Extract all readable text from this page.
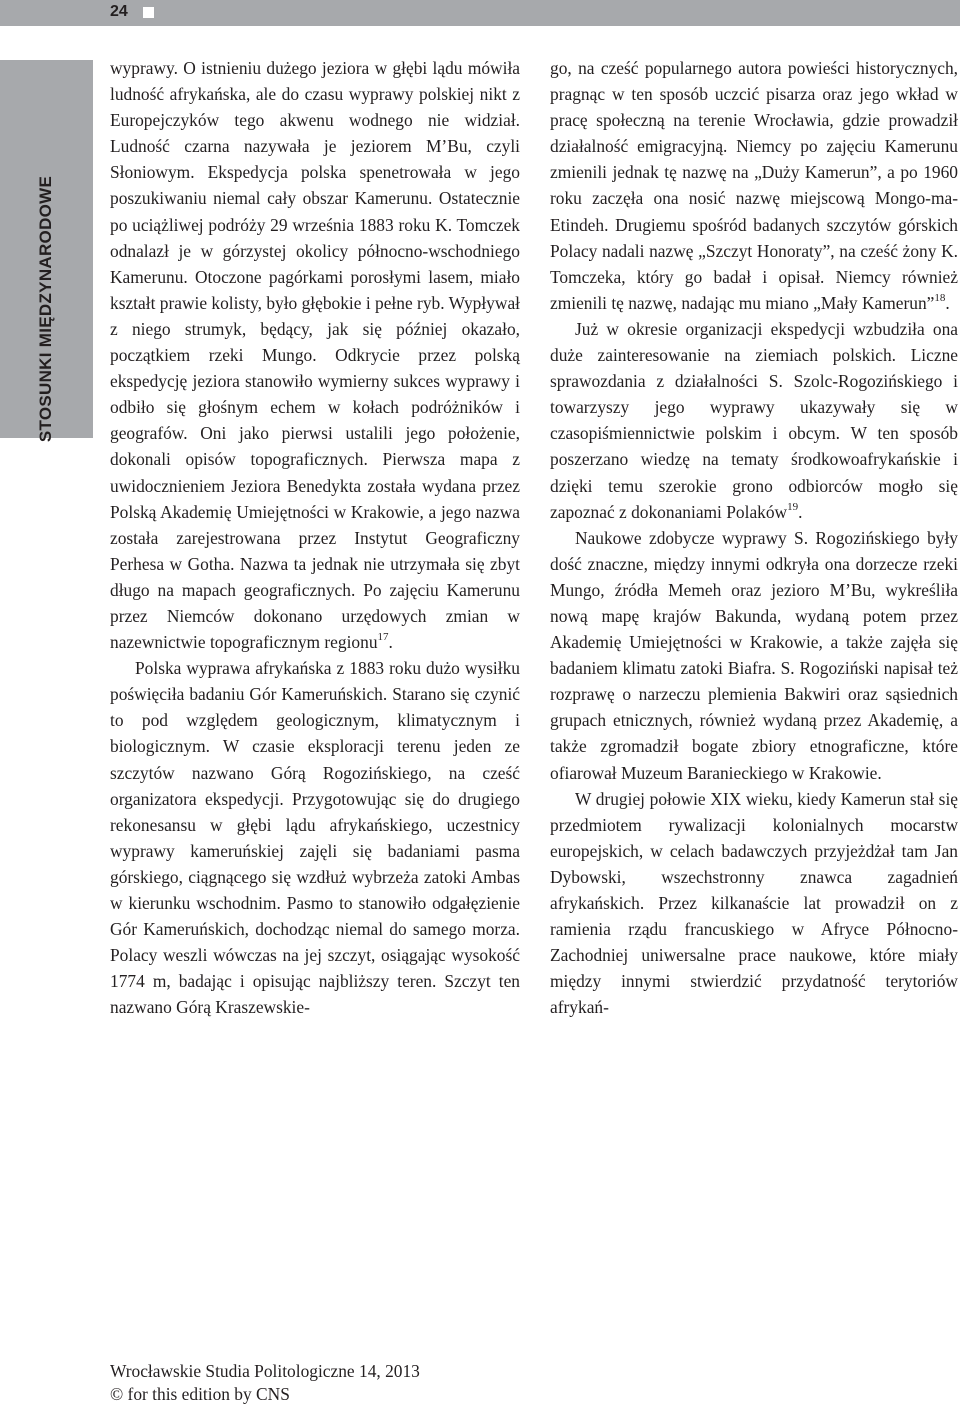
24
STOSUNKI MIĘDZYNARODOWE

wyprawy. O istnieniu dużego jeziora w głębi lądu mówiła ludność afrykańska, ale do czasu wyprawy polskiej nikt z Europejczyków tego akwenu wodnego nie widział. Ludność czarna nazywała je jeziorem M’Bu, czyli Słoniowym. Ekspedycja polska spenetrowała w jego poszukiwaniu niemal cały obszar Kamerunu. Ostatecznie po uciążliwej podróży 29 września 1883 roku K. Tomczek odnalazł je w górzystej okolicy północno-wschodniego Kamerunu. Otoczone pagórkami porosłymi lasem, miało kształt prawie kolisty, było głębokie i pełne ryb. Wypływał z niego strumyk, będący, jak się później okazało, początkiem rzeki Mungo. Odkrycie przez polską ekspedycję jeziora stanowiło wymierny sukces wyprawy i odbiło się głośnym echem w kołach podróżników i geografów. Oni jako pierwsi ustalili jego położenie, dokonali opisów topograficznych. Pierwsza mapa z uwidocznieniem Jeziora Benedykta została wydana przez Polską Akademię Umiejętności w Krakowie, a jego nazwa została zarejestrowana przez Instytut Geograficzny Perhesa w Gotha. Nazwa ta jednak nie utrzymała się zbyt długo na mapach geograficznych. Po zajęciu Kamerunu przez Niemców dokonano urzędowych zmian w nazewnictwie topograficznym regionu$^{17}$.

Polska wyprawa afrykańska z 1883 roku dużo wysiłku poświęciła badaniu Gór Kameruńskich. Starano się czynić to pod względem geologicznym, klimatycznym i biologicznym. W czasie eksploracji terenu jeden ze szczytów nazwano Górą Rogozińskiego, na cześć organizatora ekspedycji. Przygotowując się do drugiego rekonesansu w głębi lądu afrykańskiego, uczestnicy wyprawy kameruńskiej zajęli się badaniami pasma górskiego, ciągnącego się wzdłuż wybrzeża zatoki Ambas w kierunku wschodnim. Pasmo to stanowiło odgałęzienie Gór Kameruńskich, dochodząc niemal do samego morza. Polacy weszli wówczas na jej szczyt, osiągając wysokość 1774 m, badając i opisując najbliższy teren. Szczyt ten nazwano Górą Kraszewskie-

go, na cześć popularnego autora powieści historycznych, pragnąc w ten sposób uczcić pisarza oraz jego wkład w pracę społeczną na terenie Wrocławia, gdzie prowadził działalność emigracyjną. Niemcy po zajęciu Kamerunu zmienili jednak tę nazwę na „Duży Kamerun”, a po 1960 roku zaczęła ona nosić nazwę miejscową Mongo-ma-Etindeh. Drugiemu spośród badanych szczytów górskich Polacy nadali nazwę „Szczyt Honoraty”, na cześć żony K. Tomczeka, który go badał i opisał. Niemcy również zmienili tę nazwę, nadając mu miano „Mały Kamerun”$^{18}$.

Już w okresie organizacji ekspedycji wzbudziła ona duże zainteresowanie na ziemiach polskich. Liczne sprawozdania z działalności S. Szolc-Rogozińskiego i towarzyszy jego wyprawy ukazywały się w czasopiśmiennictwie polskim i obcym. W ten sposób poszerzano wiedzę na tematy środkowoafrykańskie i dzięki temu szerokie grono odbiorców mogło się zapoznać z dokonaniami Polaków$^{19}$.

Naukowe zdobycze wyprawy S. Rogozińskiego były dość znaczne, między innymi odkryła ona dorzecze rzeki Mungo, źródła Memeh oraz jezioro M’Bu, wykreśliła nową mapę krajów Bakunda, wydaną potem przez Akademię Umiejętności w Krakowie, a także zajęła się badaniem klimatu zatoki Biafra. S. Rogoziński napisał też rozprawę o narzeczu plemienia Bakwiri oraz sąsiednich grupach etnicznych, również wydaną przez Akademię, a także zgromadził bogate zbiory etnograficzne, które ofiarował Muzeum Baranieckiego w Krakowie.

W drugiej połowie XIX wieku, kiedy Kamerun stał się przedmiotem rywalizacji kolonialnych mocarstw europejskich, w celach badawczych przyjeżdżał tam Jan Dybowski, wszechstronny znawca zagadnień afrykańskich. Przez kilkanaście lat prowadził on z ramienia rządu francuskiego w Afryce Północno-Zachodniej uniwersalne prace naukowe, które miały między innymi stwierdzić przydatność terytoriów afrykań-

Wrocławskie Studia Politologiczne 14, 2013
© for this edition by CNS
